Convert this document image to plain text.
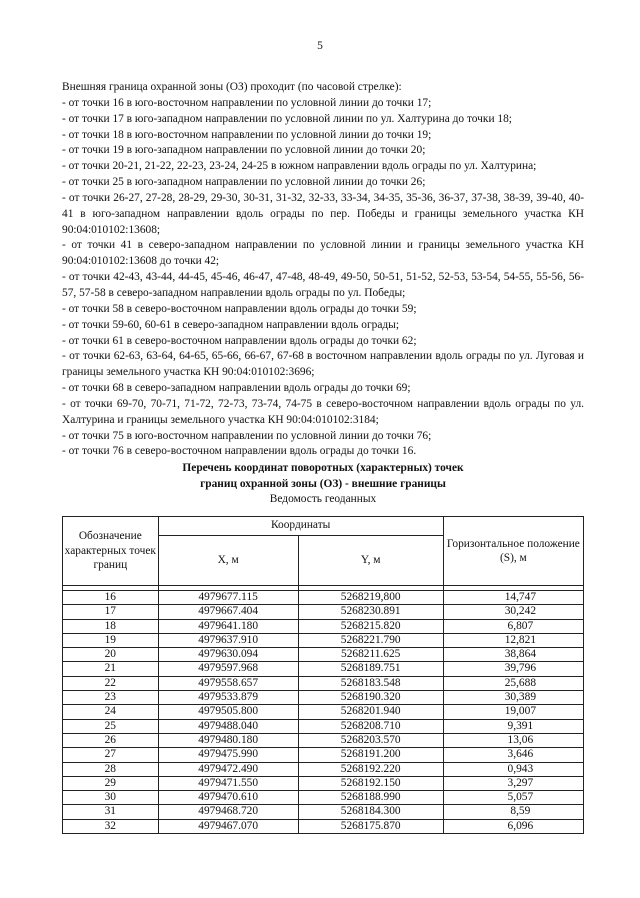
5

Внешняя граница охранной зоны (ОЗ) проходит (по часовой стрелке):

- от точки 16 в юго-восточном направлении по условной линии до точки 17;

- от точки 17 в юго-западном направлении по условной линии по ул. Халтурина до точки 18;

- от точки 18 в юго-восточном направлении по условной линии до точки 19;

- от точки 19 в юго-западном направлении по условной линии до точки 20;

- от точки 20-21, 21-22, 22-23, 23-24, 24-25 в южном направлении вдоль ограды по ул. Халтурина;

- от точки 25 в юго-западном направлении по условной линии до точки 26;

- от точки 26-27, 27-28, 28-29, 29-30, 30-31, 31-32, 32-33, 33-34, 34-35, 35-36, 36-37, 37-38, 38-39, 39-40, 40-41 в юго-западном направлении вдоль ограды по пер. Победы и границы земельного участка КН 90:04:010102:13608;

- от точки 41 в северо-западном направлении по условной линии и границы земельного участка КН 90:04:010102:13608 до точки 42;

- от точки 42-43, 43-44, 44-45, 45-46, 46-47, 47-48, 48-49, 49-50, 50-51, 51-52, 52-53, 53-54, 54-55, 55-56, 56-57, 57-58 в северо-западном направлении вдоль ограды по ул. Победы;

- от точки 58 в северо-восточном направлении вдоль ограды до точки 59;

- от точки 59-60, 60-61 в северо-западном направлении вдоль ограды;

- от точки 61 в северо-восточном направлении вдоль ограды до точки 62;

- от точки 62-63, 63-64, 64-65, 65-66, 66-67, 67-68 в восточном направлении вдоль ограды по ул. Луговая и границы земельного участка КН 90:04:010102:3696;

- от точки 68 в северо-западном направлении вдоль ограды до точки 69;

- от точки 69-70, 70-71, 71-72, 72-73, 73-74, 74-75 в северо-восточном направлении вдоль ограды по ул. Халтурина и границы земельного участка КН 90:04:010102:3184;

- от точки 75 в юго-восточном направлении по условной линии до точки 76;

- от точки 76 в северо-восточном направлении вдоль ограды до точки 16.

Перечень координат поворотных (характерных) точек
границ охранной зоны (ОЗ) - внешние границы
Ведомость геоданных
Обозначение характерных точек границ	Координаты		Горизонтальное положение (S), м
	X, м	Y, м	

16	4979677.115	5268219,800	14,747
17	4979667.404	5268230.891	30,242
18	4979641.180	5268215.820	6,807
19	4979637.910	5268221.790	12,821
20	4979630.094	5268211.625	38,864
21	4979597.968	5268189.751	39,796
22	4979558.657	5268183.548	25,688
23	4979533.879	5268190.320	30,389
24	4979505.800	5268201.940	19,007
25	4979488.040	5268208.710	9,391
26	4979480.180	5268203.570	13,06
27	4979475.990	5268191.200	3,646
28	4979472.490	5268192.220	0,943
29	4979471.550	5268192.150	3,297
30	4979470.610	5268188.990	5,057
31	4979468.720	5268184.300	8,59
32	4979467.070	5268175.870	6,096
